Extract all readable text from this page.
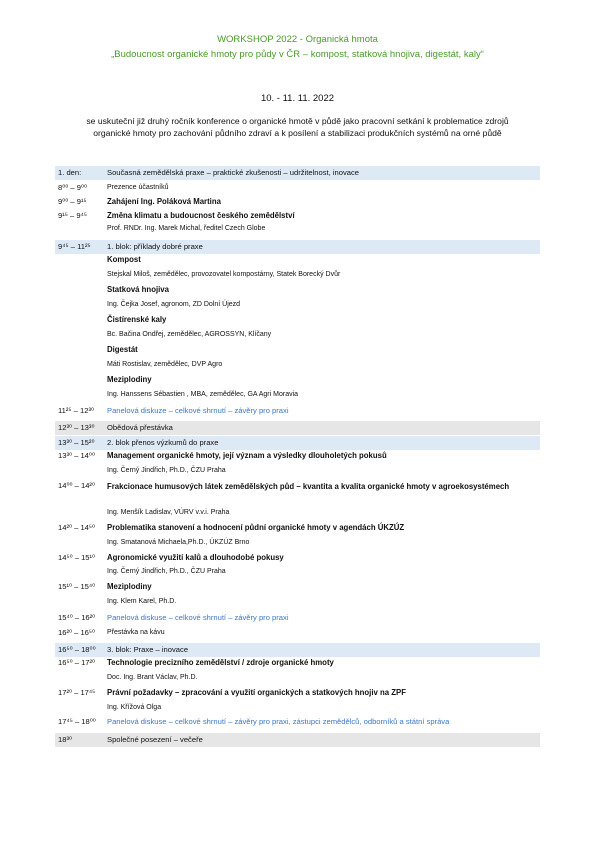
WORKSHOP 2022 - Organická hmota
„Budoucnost organické hmoty pro půdy v ČR – kompost, statková hnojiva, digestát, kaly“
10. - 11. 11. 2022
se uskuteční již druhý ročník konference o organické hmotě v půdě jako pracovní setkání k problematice zdrojů organické hmoty pro zachování půdního zdraví a k posílení a stabilizaci produkčních systémů na orné půdě
1. den:	Současná zemědělská praxe – praktické zkušenosti – udržitelnost, inovace
8⁰⁰ – 9⁰⁰	Prezence účastníků
9⁰⁰ – 9¹⁵	Zahájení Ing. Poláková Martina
9¹⁵ – 9⁴⁵	Změna klimatu a budoucnost českého zemědělství
Prof. RNDr. Ing. Marek Michal, ředitel Czech Globe
9⁴⁵ – 11²⁵ 1. blok: příklady dobré praxe
Kompost
Stejskal Miloš, zemědělec, provozovatel kompostárny, Statek Borecký Dvůr
Statková hnojiva
Ing. Čejka Josef, agronom, ZD Dolní Újezd
Čistírenské kaly
Bc. Bačina Ondřej, zemědělec, AGROSSYN, Klíčany
Digestát
Máti Rostislav, zemědělec, DVP Agro
Meziplodiny
Ing. Hanssens Sébastien , MBA, zemědělec, GA Agri Moravia
11²⁵ – 12³⁰ Panelová diskuze – celkové shrnutí – závěry pro praxi
12³⁰ – 13³⁰ Obědová přestávka
13³⁰ – 15²⁰ 2. blok přenos výzkumů do praxe
13³⁰ – 14⁰⁰ Management organické hmoty, její význam a výsledky dlouholetých pokusů
Ing. Černý Jindřich, Ph.D., ČZU Praha
14⁰⁰ – 14²⁰ Frakcionace humusových látek zemědělských půd – kvantita a kvalita organické hmoty v agroekosystémech
Ing. Menšík Ladislav, VÚRV v.v.i. Praha
14²⁰ – 14⁵⁰ Problematika stanovení a hodnocení půdní organické hmoty v agendách ÚKZÚZ
Ing. Smatanová Michaela,Ph.D., ÚKZÚZ Brno
14⁵⁰ – 15¹⁰ Agronomické využití kalů a dlouhodobé pokusy
Ing. Černý Jindřich, Ph.D., ČZU Praha
15¹⁰ – 15⁴⁰ Meziplodiny
Ing. Klem Karel, Ph.D.
15⁴⁰ – 16²⁰ Panelová diskuse – celkové shrnutí – závěry pro praxi
16²⁰ – 16⁵⁰ Přestávka na kávu
16⁵⁰ – 18⁰⁰ 3. blok: Praxe – inovace
16⁵⁰ – 17²⁰ Technologie precizního zemědělství / zdroje organické hmoty
Doc. Ing. Brant Václav, Ph.D.
17²⁰ – 17⁴⁵ Právní požadavky – zpracování a využití organických a statkových hnojiv na ZPF
Ing. Křížová Olga
17⁴⁵ – 18⁰⁰ Panelová diskuse – celkové shrnutí – závěry pro praxi, zástupci zemědělců, odborníků a státní správa
18³⁰	Společné posezení – večeře
